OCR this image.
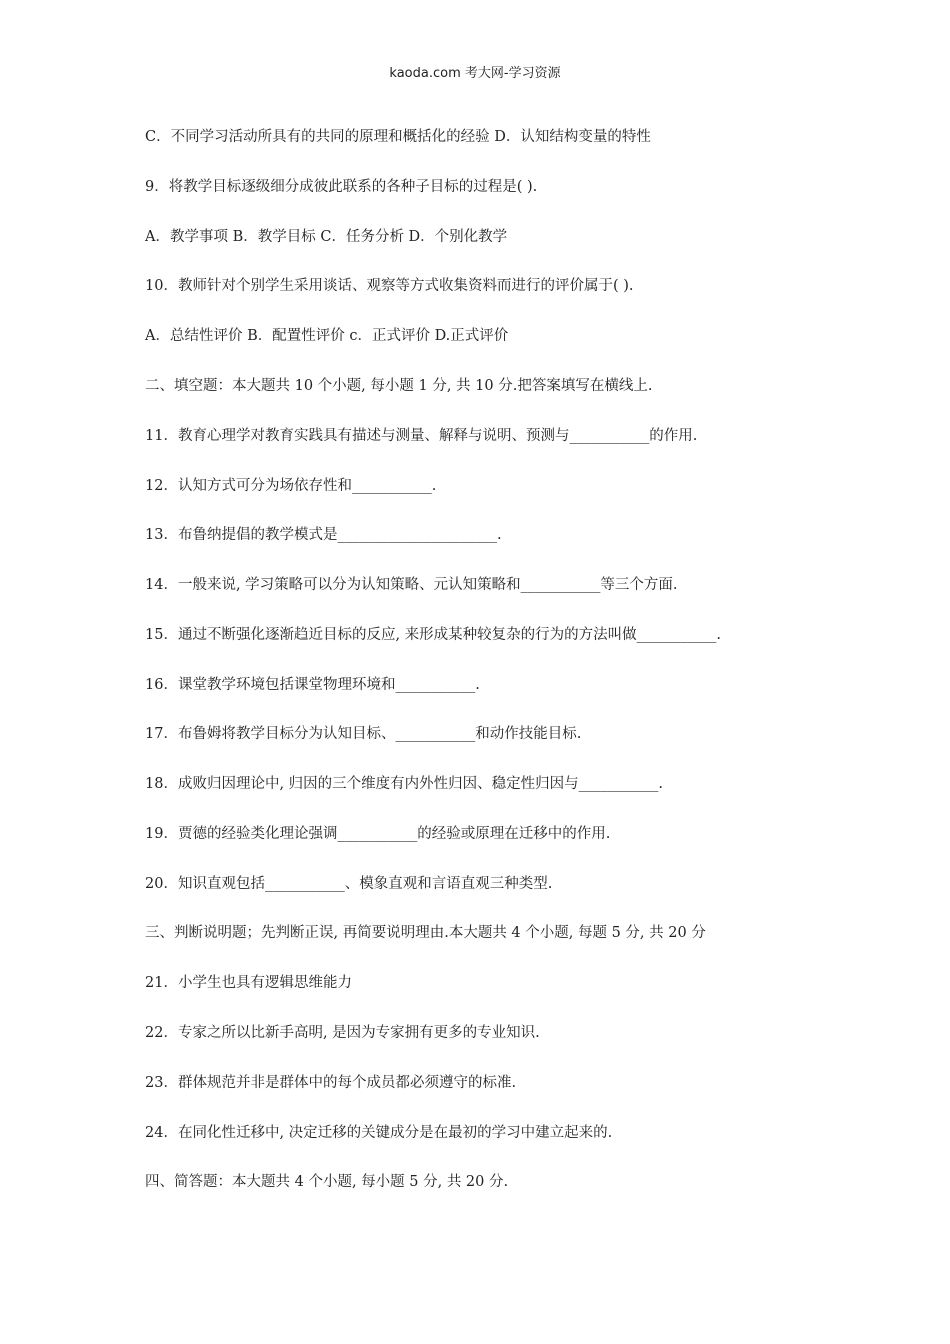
kaoda.com 考大网-学习资源
C．不同学习活动所具有的共同的原理和概括化的经验 D．认知结构变量的特性
9．将教学目标逐级细分成彼此联系的各种子目标的过程是( ).
A．教学事项 B．教学目标 C．任务分析 D．个别化教学
10．教师针对个别学生采用谈话、观察等方式收集资料而进行的评价属于( ).
A．总结性评价 B．配置性评价 c．正式评价 D.正式评价
二、填空题：本大题共 10 个小题, 每小题 1 分, 共 10 分.把答案填写在横线上.
11．教育心理学对教育实践具有描述与测量、解释与说明、预测与___________的作用.
12．认知方式可分为场依存性和___________.
13．布鲁纳提倡的教学模式是______________________.
14．一般来说, 学习策略可以分为认知策略、元认知策略和___________等三个方面.
15．通过不断强化逐渐趋近目标的反应, 来形成某种较复杂的行为的方法叫做___________.
16．课堂教学环境包括课堂物理环境和___________.
17．布鲁姆将教学目标分为认知目标、___________和动作技能目标.
18．成败归因理论中, 归因的三个维度有内外性归因、稳定性归因与___________.
19．贾德的经验类化理论强调___________的经验或原理在迁移中的作用.
20．知识直观包括___________、模象直观和言语直观三种类型.
三、判断说明题；先判断正误, 再简要说明理由.本大题共 4 个小题, 每题 5 分, 共 20 分
21．小学生也具有逻辑思维能力
22．专家之所以比新手高明, 是因为专家拥有更多的专业知识.
23．群体规范并非是群体中的每个成员都必须遵守的标准.
24．在同化性迁移中, 决定迁移的关键成分是在最初的学习中建立起来的.
四、简答题：本大题共 4 个小题, 每小题 5 分, 共 20 分.
